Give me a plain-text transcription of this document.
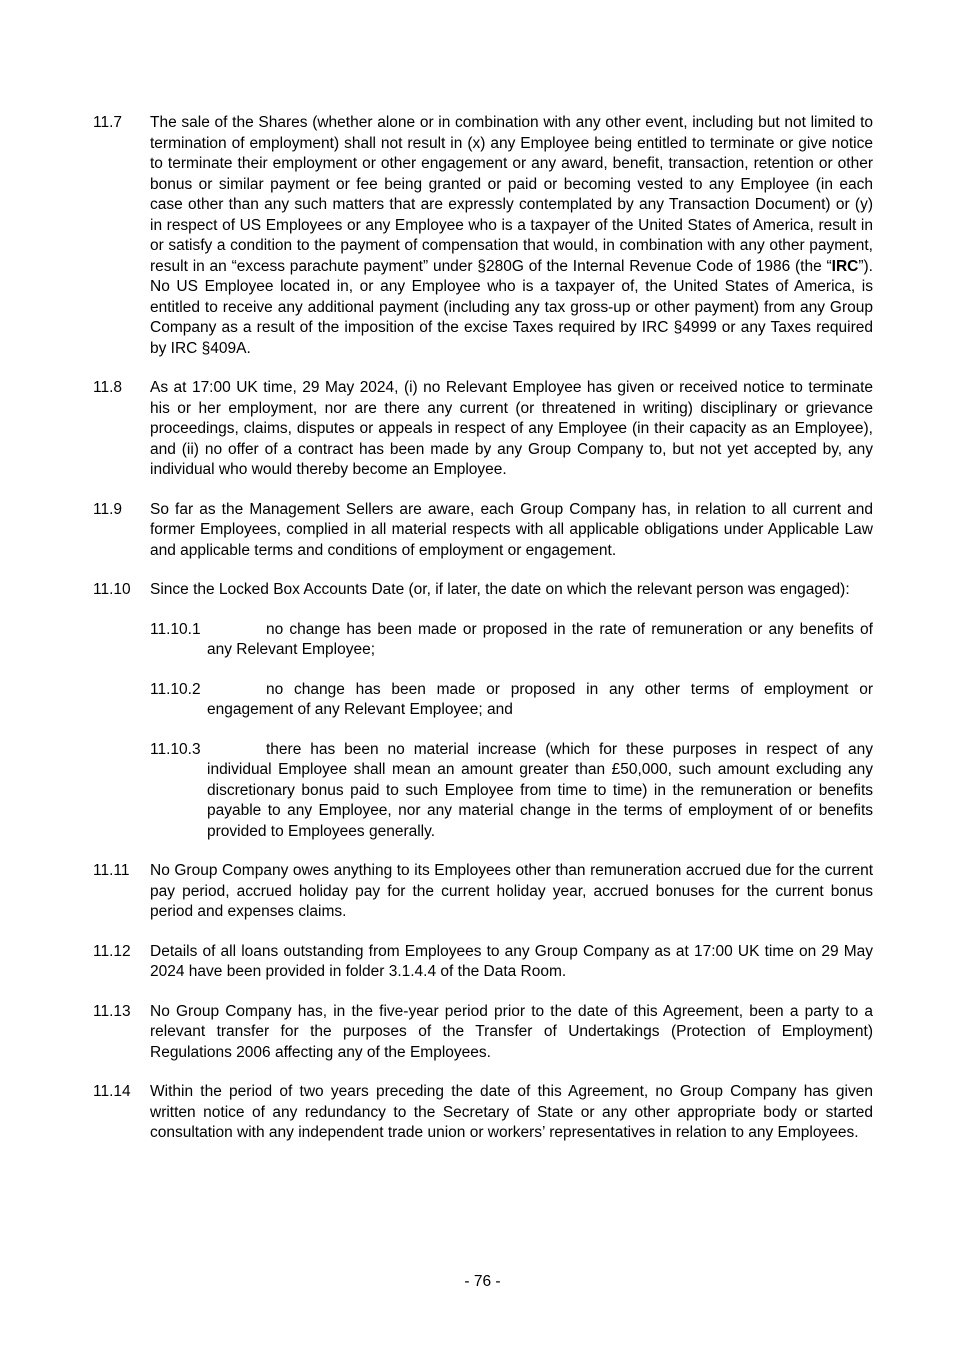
11.7 The sale of the Shares (whether alone or in combination with any other event, including but not limited to termination of employment) shall not result in (x) any Employee being entitled to terminate or give notice to terminate their employment or other engagement or any award, benefit, transaction, retention or other bonus or similar payment or fee being granted or paid or becoming vested to any Employee (in each case other than any such matters that are expressly contemplated by any Transaction Document) or (y) in respect of US Employees or any Employee who is a taxpayer of the United States of America, result in or satisfy a condition to the payment of compensation that would, in combination with any other payment, result in an “excess parachute payment” under §280G of the Internal Revenue Code of 1986 (the “IRC”). No US Employee located in, or any Employee who is a taxpayer of, the United States of America, is entitled to receive any additional payment (including any tax gross-up or other payment) from any Group Company as a result of the imposition of the excise Taxes required by IRC §4999 or any Taxes required by IRC §409A.
11.8 As at 17:00 UK time, 29 May 2024, (i) no Relevant Employee has given or received notice to terminate his or her employment, nor are there any current (or threatened in writing) disciplinary or grievance proceedings, claims, disputes or appeals in respect of any Employee (in their capacity as an Employee), and (ii) no offer of a contract has been made by any Group Company to, but not yet accepted by, any individual who would thereby become an Employee.
11.9 So far as the Management Sellers are aware, each Group Company has, in relation to all current and former Employees, complied in all material respects with all applicable obligations under Applicable Law and applicable terms and conditions of employment or engagement.
11.10 Since the Locked Box Accounts Date (or, if later, the date on which the relevant person was engaged):
11.10.1	no change has been made or proposed in the rate of remuneration or any benefits of any Relevant Employee;
11.10.2	no change has been made or proposed in any other terms of employment or engagement of any Relevant Employee; and
11.10.3	there has been no material increase (which for these purposes in respect of any individual Employee shall mean an amount greater than £50,000, such amount excluding any discretionary bonus paid to such Employee from time to time) in the remuneration or benefits payable to any Employee, nor any material change in the terms of employment of or benefits provided to Employees generally.
11.11 No Group Company owes anything to its Employees other than remuneration accrued due for the current pay period, accrued holiday pay for the current holiday year, accrued bonuses for the current bonus period and expenses claims.
11.12 Details of all loans outstanding from Employees to any Group Company as at 17:00 UK time on 29 May 2024 have been provided in folder 3.1.4.4 of the Data Room.
11.13 No Group Company has, in the five-year period prior to the date of this Agreement, been a party to a relevant transfer for the purposes of the Transfer of Undertakings (Protection of Employment) Regulations 2006 affecting any of the Employees.
11.14 Within the period of two years preceding the date of this Agreement, no Group Company has given written notice of any redundancy to the Secretary of State or any other appropriate body or started consultation with any independent trade union or workers’ representatives in relation to any Employees.
- 76 -
